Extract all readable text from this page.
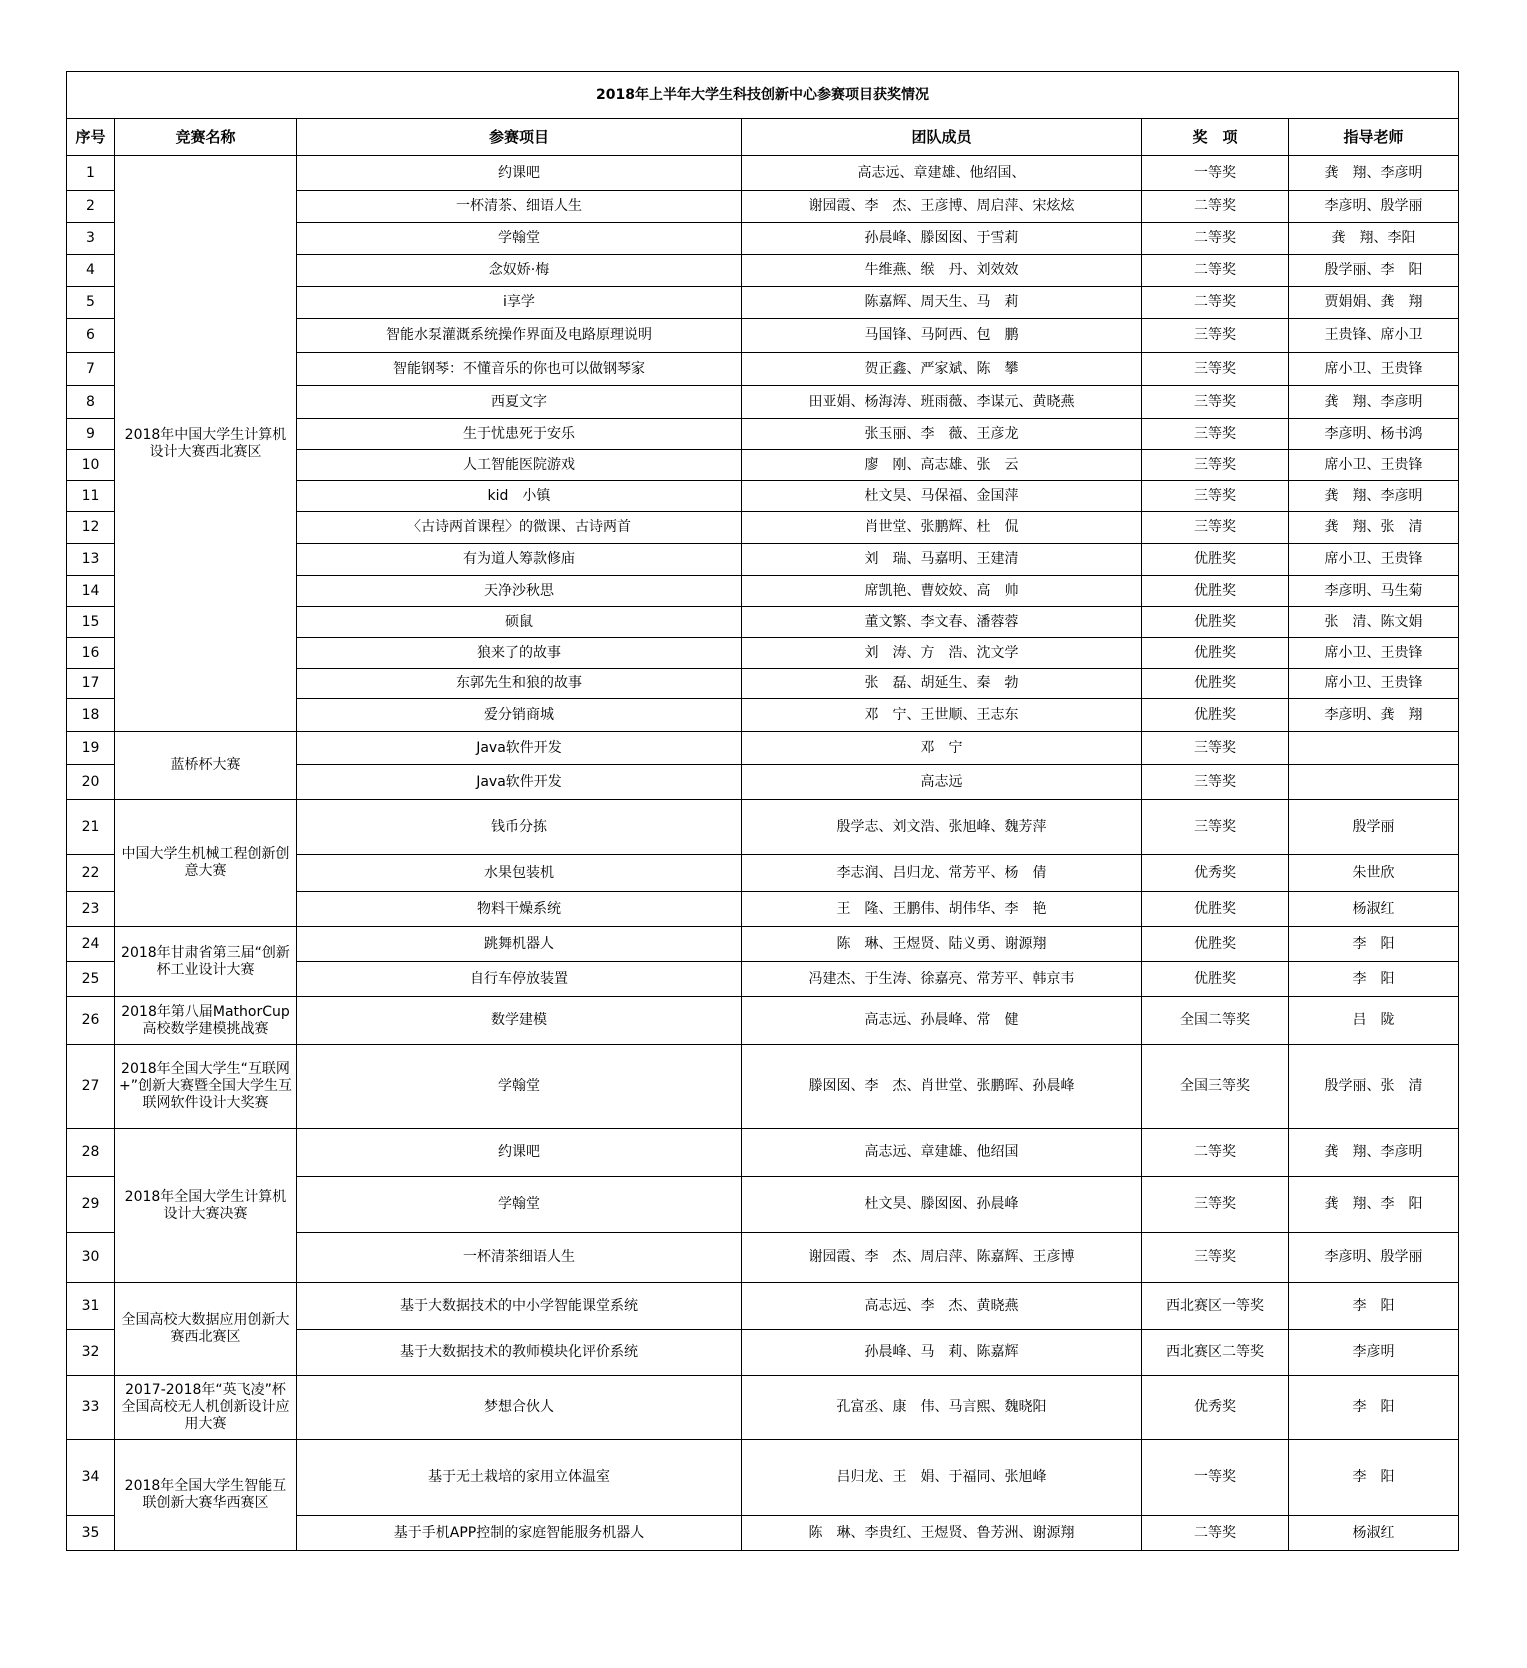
2018年上半年大学生科技创新中心参赛项目获奖情况					
序号	竞赛名称	参赛项目	团队成员	奖　项	指导老师
1	2018年中国大学生计算机设计大赛西北赛区	约课吧	高志远、章建雄、他绍国、	一等奖	龚　翔、李彦明
2		一杯清茶、细语人生	谢园霞、李　杰、王彦博、周启萍、宋炫炫	二等奖	李彦明、殷学丽
3		学翰堂	孙晨峰、滕囡囡、于雪莉	二等奖	龚　翔、李阳
4		念奴娇·梅	牛维燕、缑　丹、刘效效	二等奖	殷学丽、李　阳
5		i享学	陈嘉辉、周天生、马　莉	二等奖	贾娟娟、龚　翔
6		智能水泵灌溉系统操作界面及电路原理说明	马国锋、马阿西、包　鹏	三等奖	王贵锋、席小卫
7		智能钢琴：不懂音乐的你也可以做钢琴家	贺正鑫、严家斌、陈　攀	三等奖	席小卫、王贵锋
8		西夏文字	田亚娟、杨海涛、班雨薇、李谋元、黄晓燕	三等奖	龚　翔、李彦明
9		生于忧患死于安乐	张玉丽、李　薇、王彦龙	三等奖	李彦明、杨书鸿
10		人工智能医院游戏	廖　刚、高志雄、张　云	三等奖	席小卫、王贵锋
11		kid　小镇	杜文昊、马保福、金国萍	三等奖	龚　翔、李彦明
12		〈古诗两首课程〉的微课、古诗两首	肖世堂、张鹏辉、杜　侃	三等奖	龚　翔、张　清
13		有为道人筹款修庙	刘　瑞、马嘉明、王建清	优胜奖	席小卫、王贵锋
14		天净沙秋思	席凯艳、曹姣姣、高　帅	优胜奖	李彦明、马生菊
15		硕鼠	董文繁、李文春、潘蓉蓉	优胜奖	张　清、陈文娟
16		狼来了的故事	刘　涛、方　浩、沈文学	优胜奖	席小卫、王贵锋
17		东郭先生和狼的故事	张　磊、胡延生、秦　勃	优胜奖	席小卫、王贵锋
18		爱分销商城	邓　宁、王世顺、王志东	优胜奖	李彦明、龚　翔
19	蓝桥杯大赛	Java软件开发	邓　宁	三等奖	
20		Java软件开发	高志远	三等奖	
21	中国大学生机械工程创新创意大赛	钱币分拣	殷学志、刘文浩、张旭峰、魏芳萍	三等奖	殷学丽
22		水果包装机	李志润、吕归龙、常芳平、杨　倩	优秀奖	朱世欣
23		物料干燥系统	王　隆、王鹏伟、胡伟华、李　艳	优胜奖	杨淑红
24	2018年甘肃省第三届“创新杯工业设计大赛	跳舞机器人	陈　琳、王煜贤、陆义勇、谢源翔	优胜奖	李　阳
25		自行车停放装置	冯建杰、于生涛、徐嘉亮、常芳平、韩京韦	优胜奖	李　阳
26	2018年第八届MathorCup高校数学建模挑战赛	数学建模	高志远、孙晨峰、常　健	全国二等奖	吕　陇
27	2018年全国大学生“互联网+”创新大赛暨全国大学生互联网软件设计大奖赛	学翰堂	滕囡囡、李　杰、肖世堂、张鹏晖、孙晨峰	全国三等奖	殷学丽、张　清
28	2018年全国大学生计算机设计大赛决赛	约课吧	高志远、章建雄、他绍国	二等奖	龚　翔、李彦明
29		学翰堂	杜文昊、滕囡囡、孙晨峰	三等奖	龚　翔、李　阳
30		一杯清茶细语人生	谢园霞、李　杰、周启萍、陈嘉辉、王彦博	三等奖	李彦明、殷学丽
31	全国高校大数据应用创新大赛西北赛区	基于大数据技术的中小学智能课堂系统	高志远、李　杰、黄晓燕	西北赛区一等奖	李　阳
32		基于大数据技术的教师模块化评价系统	孙晨峰、马　莉、陈嘉辉	西北赛区二等奖	李彦明
33	2017-2018年“英飞凌”杯全国高校无人机创新设计应用大赛	梦想合伙人	孔富丞、康　伟、马言熙、魏晓阳	优秀奖	李　阳
34	2018年全国大学生智能互联创新大赛华西赛区	基于无土栽培的家用立体温室	吕归龙、王　娟、于福同、张旭峰	一等奖	李　阳
35		基于手机APP控制的家庭智能服务机器人	陈　琳、李贵红、王煜贤、鲁芳洲、谢源翔	二等奖	杨淑红
